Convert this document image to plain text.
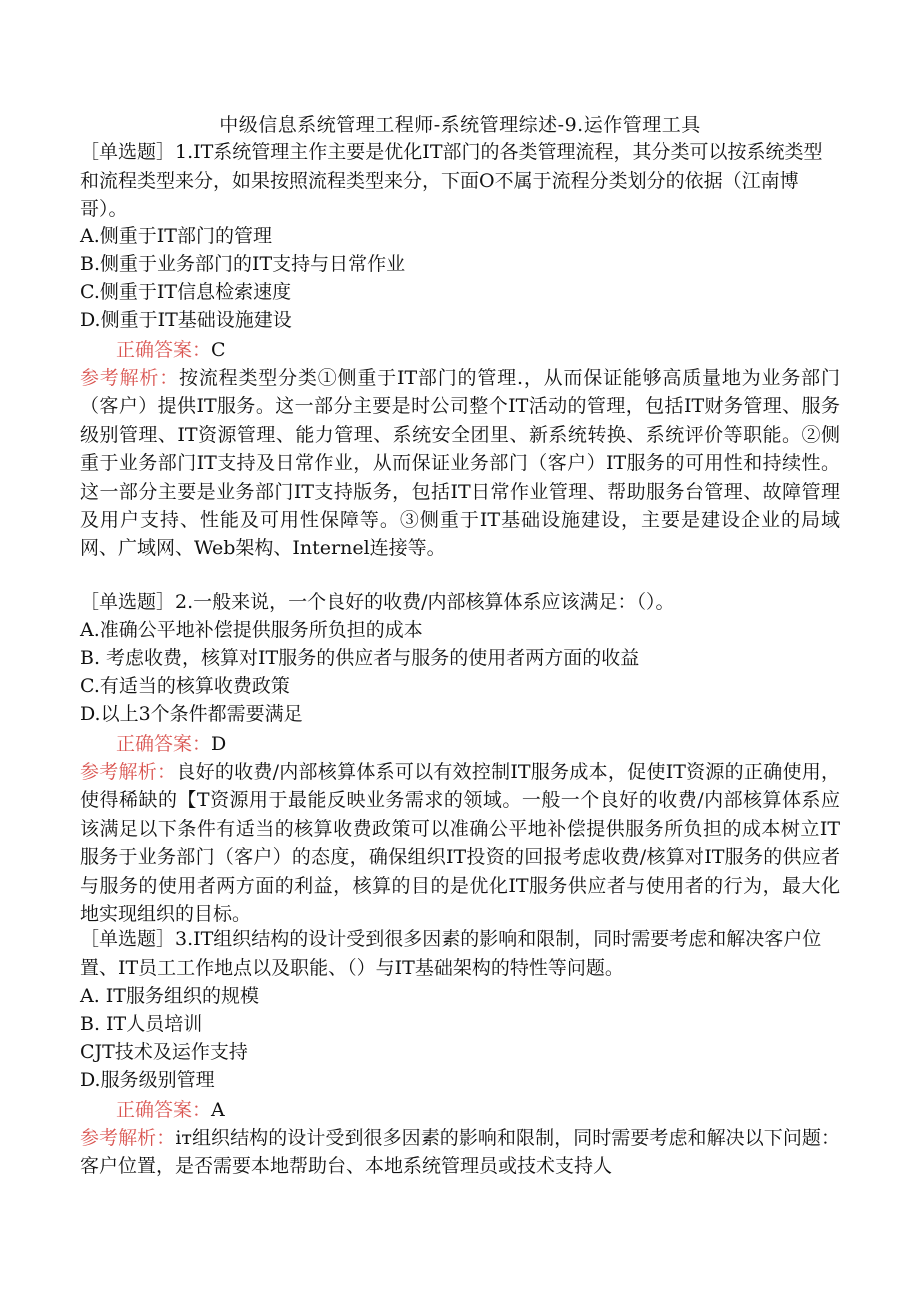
中级信息系统管理工程师-系统管理综述-9.运作管理工具
［单选题］1.IT系统管理主作主要是优化IT部门的各类管理流程，其分类可以按系统类型和流程类型来分，如果按照流程类型来分，下面O不属于流程分类划分的依据（江南博哥）。
A.侧重于IT部门的管理
B.侧重于业务部门的IT支持与日常作业
C.侧重于IT信息检索速度
D.侧重于IT基础设施建设
正确答案：C
参考解析：按流程类型分类①侧重于IT部门的管理.，从而保证能够高质量地为业务部门（客户）提供IT服务。这一部分主要是时公司整个IT活动的管理，包括IT财务管理、服务级别管理、IT资源管理、能力管理、系统安全团里、新系统转换、系统评价等职能。②侧重于业务部门IT支持及日常作业，从而保证业务部门（客户）IT服务的可用性和持续性。这一部分主要是业务部门IT支持版务，包括IT日常作业管理、帮助服务台管理、故障管理及用户支持、性能及可用性保障等。③侧重于IT基础设施建设，主要是建设企业的局域网、广域网、Web架构、Internel连接等。
［单选题］2.一般来说，一个良好的收费/内部核算体系应该满足：（）。
A.准确公平地补偿提供服务所负担的成本
B. 考虑收费，核算对IT服务的供应者与服务的使用者两方面的收益
C.有适当的核算收费政策
D.以上3个条件都需要满足
正确答案：D
参考解析：良好的收费/内部核算体系可以有效控制IT服务成本，促使IT资源的正确使用，使得稀缺的【T资源用于最能反映业务需求的领域。一般一个良好的收费/内部核算体系应该满足以下条件有适当的核算收费政策可以准确公平地补偿提供服务所负担的成本树立IT服务于业务部门（客户）的态度，确保组织IT投资的回报考虑收费/核算对IT服务的供应者与服务的使用者两方面的利益，核算的目的是优化IT服务供应者与使用者的行为，最大化地实现组织的目标。
［单选题］3.IT组织结构的设计受到很多因素的影响和限制，同时需要考虑和解决客户位置、IT员工工作地点以及职能、（）与IT基础架构的特性等问题。
A. IT服务组织的规模
B. IT人员培训
CJT技术及运作支持
D.服务级别管理
正确答案：A
参考解析：iт组织结构的设计受到很多因素的影响和限制，同时需要考虑和解决以下问题：客户位置，是否需要本地帮助台、本地系统管理员或技术支持人
